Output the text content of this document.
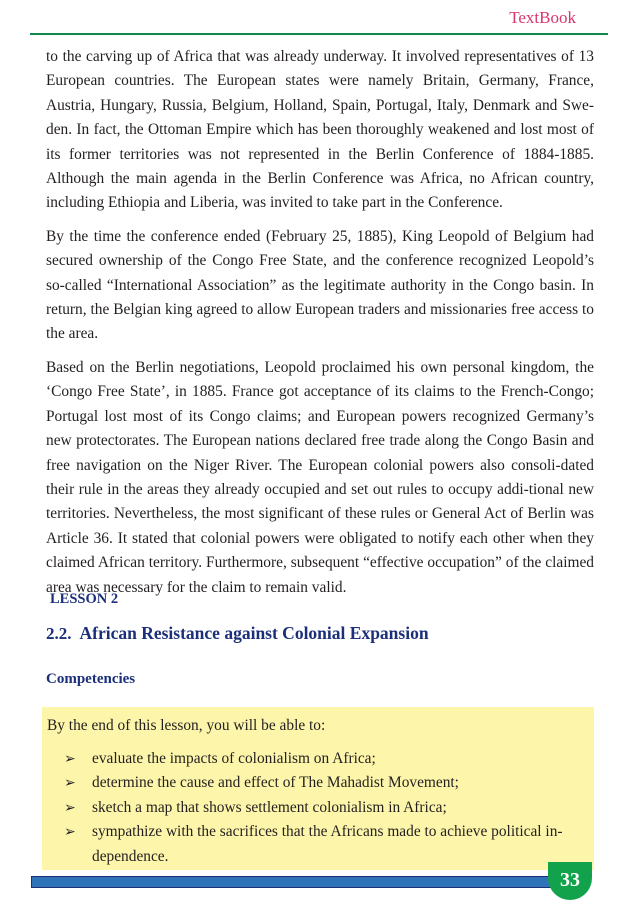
TextBook

to the carving up of Africa that was already underway. It involved representatives of 13 European countries. The European states were namely Britain, Germany, France, Austria, Hungary, Russia, Belgium, Holland, Spain, Portugal, Italy, Denmark and Swe-den. In fact, the Ottoman Empire which has been thoroughly weakened and lost most of its former territories was not represented in the Berlin Conference of 1884-1885. Although the main agenda in the Berlin Conference was Africa, no African country, including Ethiopia and Liberia, was invited to take part in the Conference.

By the time the conference ended (February 25, 1885), King Leopold of Belgium had secured ownership of the Congo Free State, and the conference recognized Leopold’s so-called “International Association” as the legitimate authority in the Congo basin. In return, the Belgian king agreed to allow European traders and missionaries free access to the area.

Based on the Berlin negotiations, Leopold proclaimed his own personal kingdom, the ‘Congo Free State’, in 1885. France got acceptance of its claims to the French-Congo; Portugal lost most of its Congo claims; and European powers recognized Germany’s new protectorates. The European nations declared free trade along the Congo Basin and free navigation on the Niger River. The European colonial powers also consoli-dated their rule in the areas they already occupied and set out rules to occupy addi-tional new territories. Nevertheless, the most significant of these rules or General Act of Berlin was Article 36. It stated that colonial powers were obligated to notify each other when they claimed African territory. Furthermore, subsequent “effective occupation” of the claimed area was necessary for the claim to remain valid.

LESSON 2
2.2. African Resistance against Colonial Expansion
Competencies
By the end of this lesson, you will be able to:
➢	evaluate the impacts of colonialism on Africa;
➢	determine the cause and effect of The Mahadist Movement;
➢	sketch a map that shows settlement colonialism in Africa;
➢	sympathize with the sacrifices that the Africans made to achieve political in-dependence.
33
